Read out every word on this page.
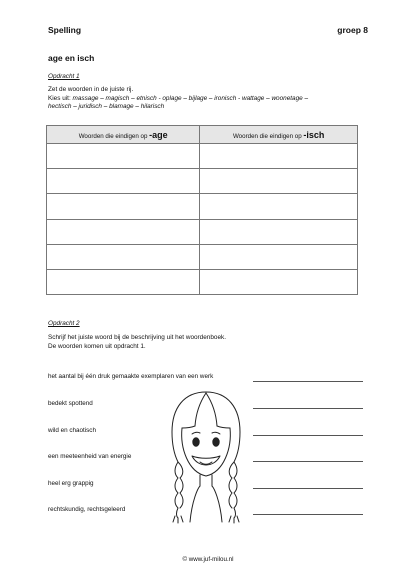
Spelling	groep 8
age en isch
Opdracht 1
Zet de woorden in de juiste rij.
Kies uit: massage – magisch – etnisch - oplage – bijlage – ironisch - wattage – woonetage –
hectisch – juridisch – blamage – hilarisch
Woorden die eindigen op -age	Woorden die eindigen op -isch

Opdracht 2
Schrijf het juiste woord bij de beschrijving uit het woordenboek.
De woorden komen uit opdracht 1.
het aantal bij één druk gemaakte exemplaren van een werk
bedekt spottend
wild en chaotisch
een meeteenheid van energie
heel erg grappig
rechtskundig, rechtsgeleerd
© www.juf-milou.nl
